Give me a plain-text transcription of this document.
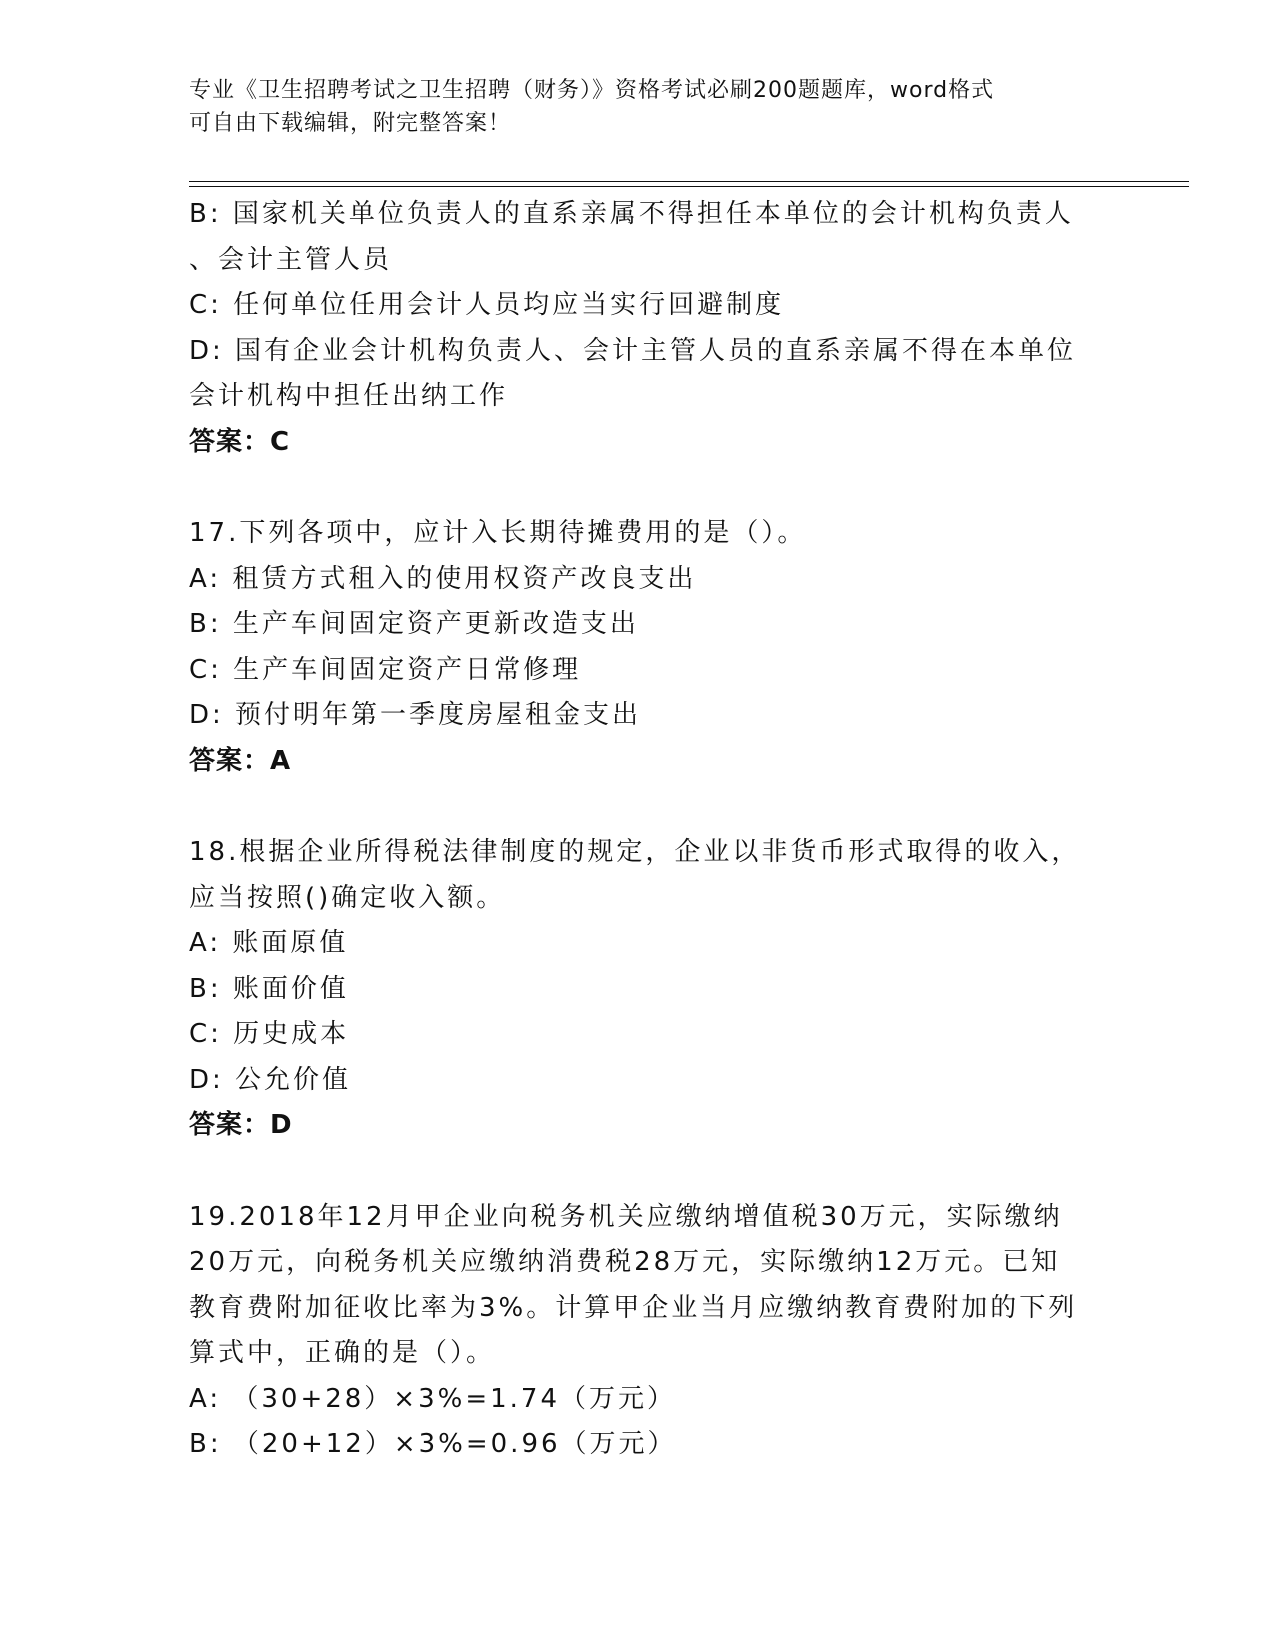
专业《卫生招聘考试之卫生招聘（财务）》资格考试必刷200题题库，word格式
可自由下载编辑，附完整答案！
B: 国家机关单位负责人的直系亲属不得担任本单位的会计机构负责人
、会计主管人员
C: 任何单位任用会计人员均应当实行回避制度
D: 国有企业会计机构负责人、会计主管人员的直系亲属不得在本单位
会计机构中担任出纳工作
答案：C
17.下列各项中，应计入长期待摊费用的是（）。
A: 租赁方式租入的使用权资产改良支出
B: 生产车间固定资产更新改造支出
C: 生产车间固定资产日常修理
D: 预付明年第一季度房屋租金支出
答案：A
18.根据企业所得税法律制度的规定，企业以非货币形式取得的收入，
应当按照()确定收入额。
A: 账面原值
B: 账面价值
C: 历史成本
D: 公允价值
答案：D
19.2018年12月甲企业向税务机关应缴纳增值税30万元，实际缴纳
20万元，向税务机关应缴纳消费税28万元，实际缴纳12万元。已知
教育费附加征收比率为3%。计算甲企业当月应缴纳教育费附加的下列
算式中，正确的是（）。
A: （30+28）×3%=1.74（万元）
B: （20+12）×3%=0.96（万元）
